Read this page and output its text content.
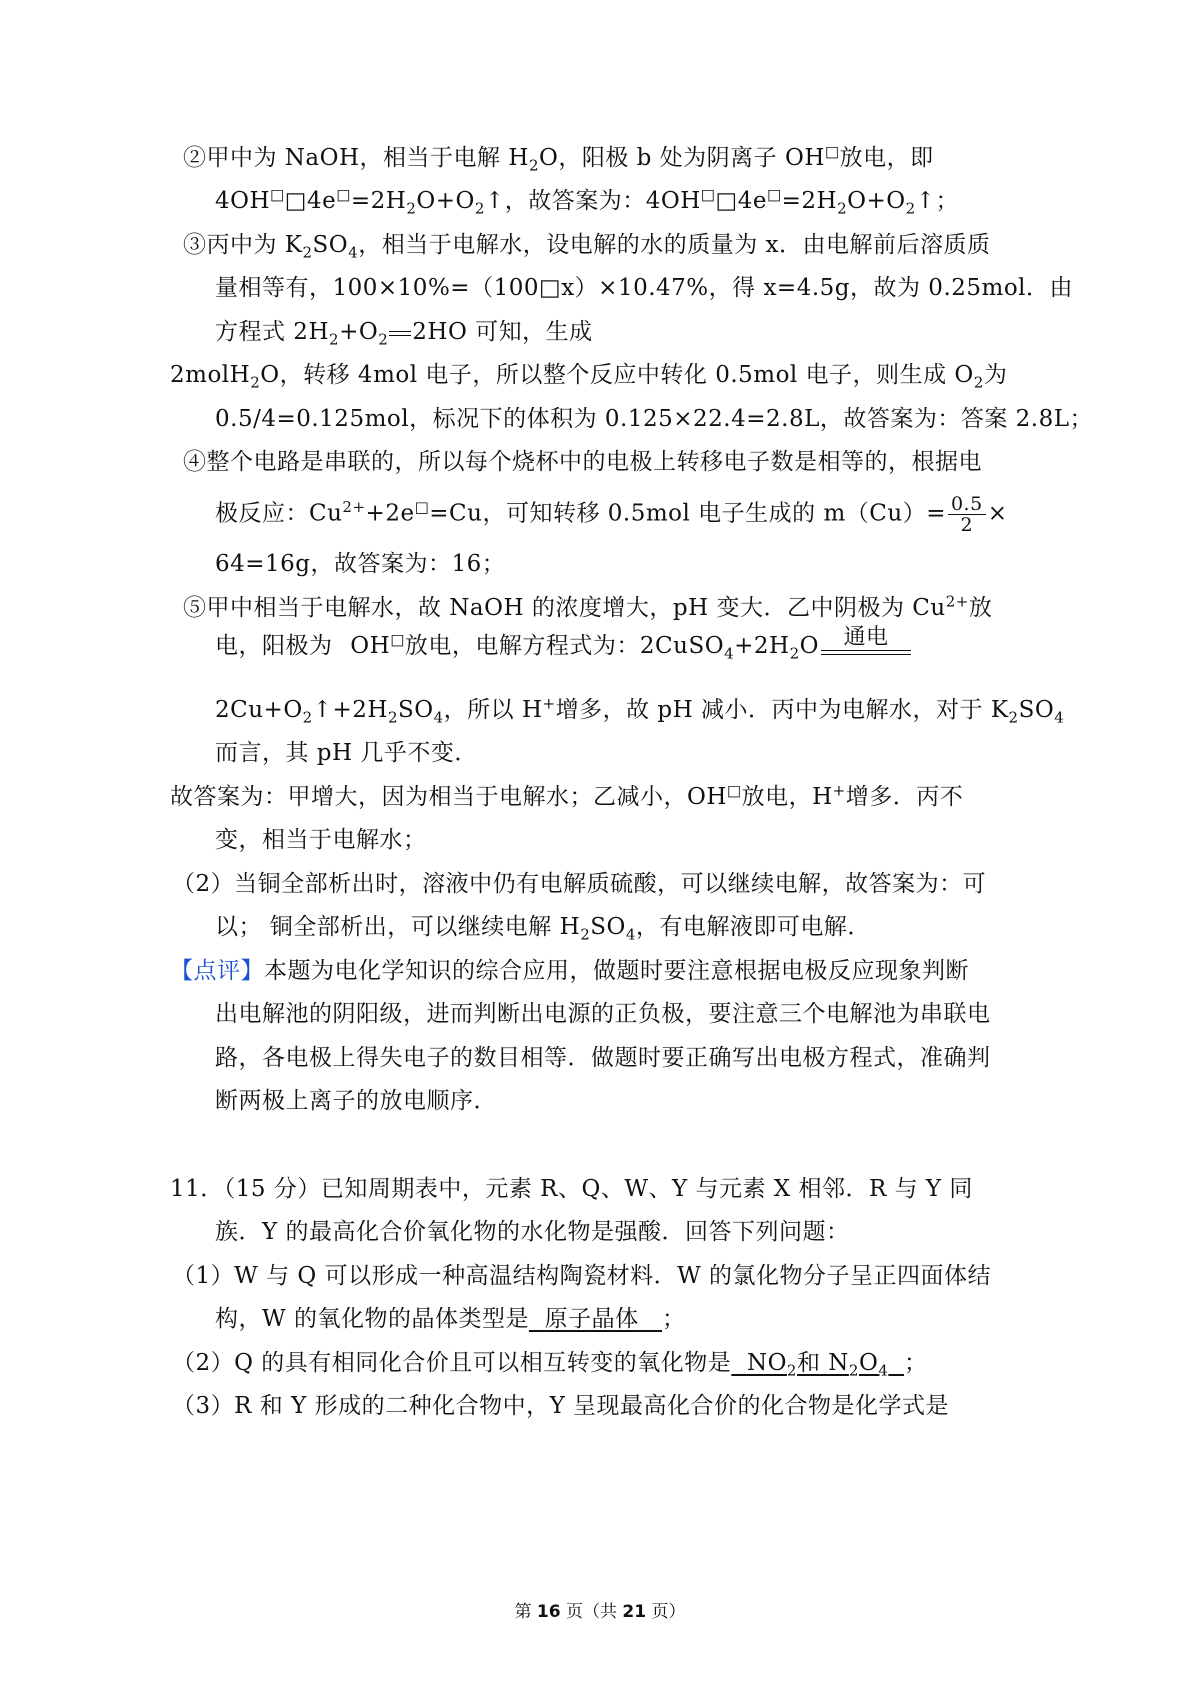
②甲中为 NaOH，相当于电解 $H_2O$，阳极 b 处为阴离子 OH□放电，即
$4OH^□□4e^□=2H_2O+O_2↑$，故答案为：$4OH^□□4e^□=2H_2O+O_2↑$；
③丙中为 $K_2SO_4$，相当于电解水，设电解的水的质量为 x．由电解前后溶质质
量相等有，100×10%=（100□x）×10.47%，得 x=4.5g，故为 0.25mol．由
方程式 $2H_2+O_2$ 2HO 可知，生成
2molH$_2$O，转移 4mol 电子，所以整个反应中转化 0.5mol 电子，则生成 $O_2$为
0.5/4=0.125mol，标况下的体积为 0.125×22.4=2.8L，故答案为：答案 2.8L；
④整个电路是串联的，所以每个烧杯中的电极上转移电子数是相等的，根据电
极反应：$Cu^{2+}+2e^□=Cu$，可知转移 0.5mol 电子生成的 $m(Cu)= \frac{0.5}{2}$ ×
64=16g，故答案为：16；
⑤甲中相当于电解水，故 NaOH 的浓度增大，pH 变大．乙中阴极为 $Cu^{2+}$放
电，阳极为 OH□放电，电解方程式为：$2CuSO_4+2H_2O$ 通电
$2Cu+O_2↑+2H_2SO_4$，所以 H+增多，故 pH 减小．丙中为电解水，对于 $K_2SO_4$
而言，其 pH 几乎不变．
故答案为：甲增大，因为相当于电解水；乙减小，OH□放电，H+增多．丙不
变，相当于电解水；
（2）当铜全部析出时，溶液中仍有电解质硫酸，可以继续电解，故答案为：可
以； 铜全部析出，可以继续电解 $H_2SO_4$，有电解液即可电解．
【点评】本题为电化学知识的综合应用，做题时要注意根据电极反应现象判断
出电解池的阴阳级，进而判断出电源的正负极，要注意三个电解池为串联电
路，各电极上得失电子的数目相等．做题时要正确写出电极方程式，准确判
断两极上离子的放电顺序．
11．（15 分）已知周期表中，元素 R、Q、W、Y 与元素 X 相邻．R 与 Y 同
族．Y 的最高化合价氧化物的水化物是强酸．回答下列问题：
（1）W 与 Q 可以形成一种高温结构陶瓷材料．W 的氯化物分子呈正四面体结
构，W 的氧化物的晶体类型是 原子晶体 ；
（2）Q 的具有相同化合价且可以相互转变的氧化物是 $NO_2$和 $N_2O_4$ ；
（3）R 和 Y 形成的二种化合物中，Y 呈现最高化合价的化合物是化学式是
第 16 页（共 21 页）
